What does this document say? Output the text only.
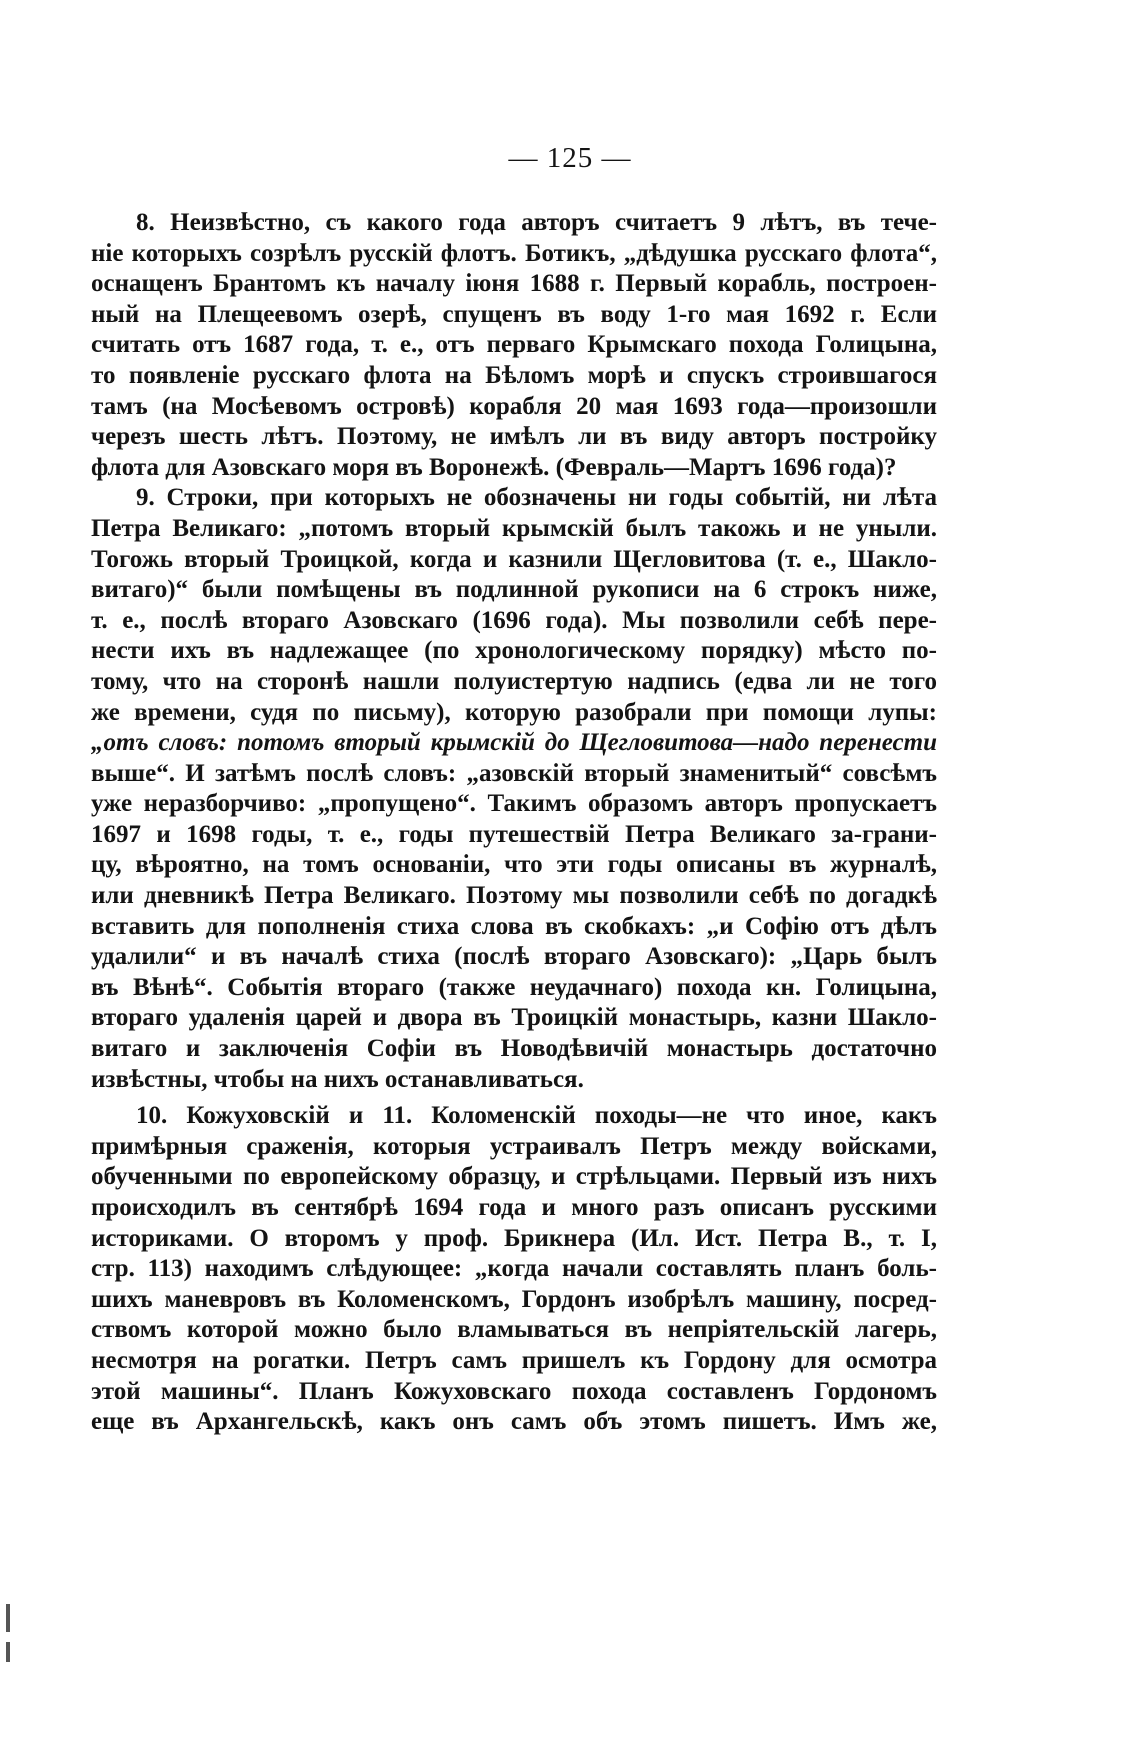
— 125 —
8. Неизвѣстно, съ какого года авторъ считаетъ 9 лѣтъ, въ тече-
ніе которыхъ созрѣлъ русскій флотъ. Ботикъ, „дѣдушка русскаго флота“,
оснащенъ Брантомъ къ началу іюня 1688 г. Первый корабль, построен-
ный на Плещеевомъ озерѣ, спущенъ въ воду 1-го мая 1692 г. Если
считать отъ 1687 года, т. е., отъ перваго Крымскаго похода Голицына,
то появленіе русскаго флота на Бѣломъ морѣ и спускъ строившагося
тамъ (на Мосѣевомъ островѣ) корабля 20 мая 1693 года—произошли
черезъ шесть лѣтъ. Поэтому, не имѣлъ ли въ виду авторъ постройку
флота для Азовскаго моря въ Воронежѣ. (Февраль—Мартъ 1696 года)?
9. Строки, при которыхъ не обозначены ни годы событій, ни лѣта
Петра Великаго: „потомъ вторый крымскій былъ такожь и не уныли.
Тогожь вторый Троицкой, когда и казнили Щегловитова (т. е., Шакло-
витаго)“ были помѣщены въ подлинной рукописи на 6 строкъ ниже,
т. е., послѣ втораго Азовскаго (1696 года). Мы позволили себѣ пере-
нести ихъ въ надлежащее (по хронологическому порядку) мѣсто по-
тому, что на сторонѣ нашли полуистертую надпись (едва ли не того
же времени, судя по письму), которую разобрали при помощи лупы:
„отъ словъ: потомъ вторый крымскій до Щегловитова—надо перенести
выше“. И затѣмъ послѣ словъ: „азовскій вторый знаменитый“ совсѣмъ
уже неразборчиво: „пропущено“. Такимъ образомъ авторъ пропускаетъ
1697 и 1698 годы, т. е., годы путешествій Петра Великаго за-грани-
цу, вѣроятно, на томъ основаніи, что эти годы описаны въ журналѣ,
или дневникѣ Петра Великаго. Поэтому мы позволили себѣ по догадкѣ
вставить для пополненія стиха слова въ скобкахъ: „и Софію отъ дѣлъ
удалили“ и въ началѣ стиха (послѣ втораго Азовскаго): „Царь былъ
въ Вѣнѣ“. Событія втораго (также неудачнаго) похода кн. Голицына,
втораго удаленія царей и двора въ Троицкій монастырь, казни Шакло-
витаго и заключенія Софіи въ Новодѣвичій монастырь достаточно
извѣстны, чтобы на нихъ останавливаться.
10. Кожуховскій и 11. Коломенскій походы—не что иное, какъ
примѣрныя сраженія, которыя устраивалъ Петръ между войсками,
обученными по европейскому образцу, и стрѣльцами. Первый изъ нихъ
происходилъ въ сентябрѣ 1694 года и много разъ описанъ русскими
историками. О второмъ у проф. Брикнера (Ил. Ист. Петра В., т. I,
стр. 113) находимъ слѣдующее: „когда начали составлять планъ боль-
шихъ маневровъ въ Коломенскомъ, Гордонъ изобрѣлъ машину, посред-
ствомъ которой можно было вламываться въ непріятельскій лагерь,
несмотря на рогатки. Петръ самъ пришелъ къ Гордону для осмотра
этой машины“. Планъ Кожуховскаго похода составленъ Гордономъ
еще въ Архангельскѣ, какъ онъ самъ объ этомъ пишетъ. Имъ же,
